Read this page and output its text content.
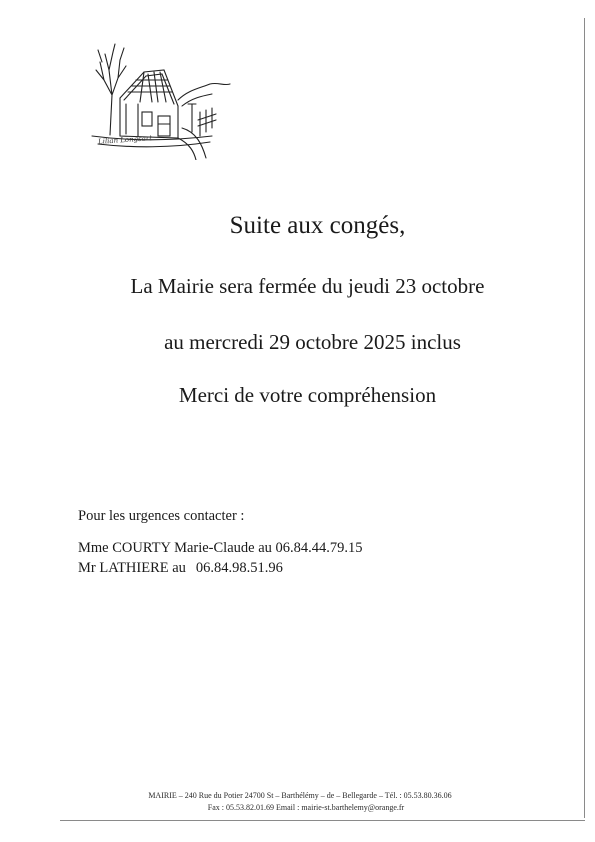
Lilian Longsart
Suite aux congés,
La Mairie sera fermée du jeudi 23 octobre
au mercredi 29 octobre 2025 inclus
Merci de votre compréhension
Pour les urgences contacter :
Mme COURTY Marie-Claude au 06.84.44.79.15
Mr LATHIERE au 06.84.98.51.96
MAIRIE – 240 Rue du Potier 24700 St – Barthélémy – de – Bellegarde – Tél. : 05.53.80.36.06
Fax : 05.53.82.01.69 Email : mairie-st.barthelemy@orange.fr
